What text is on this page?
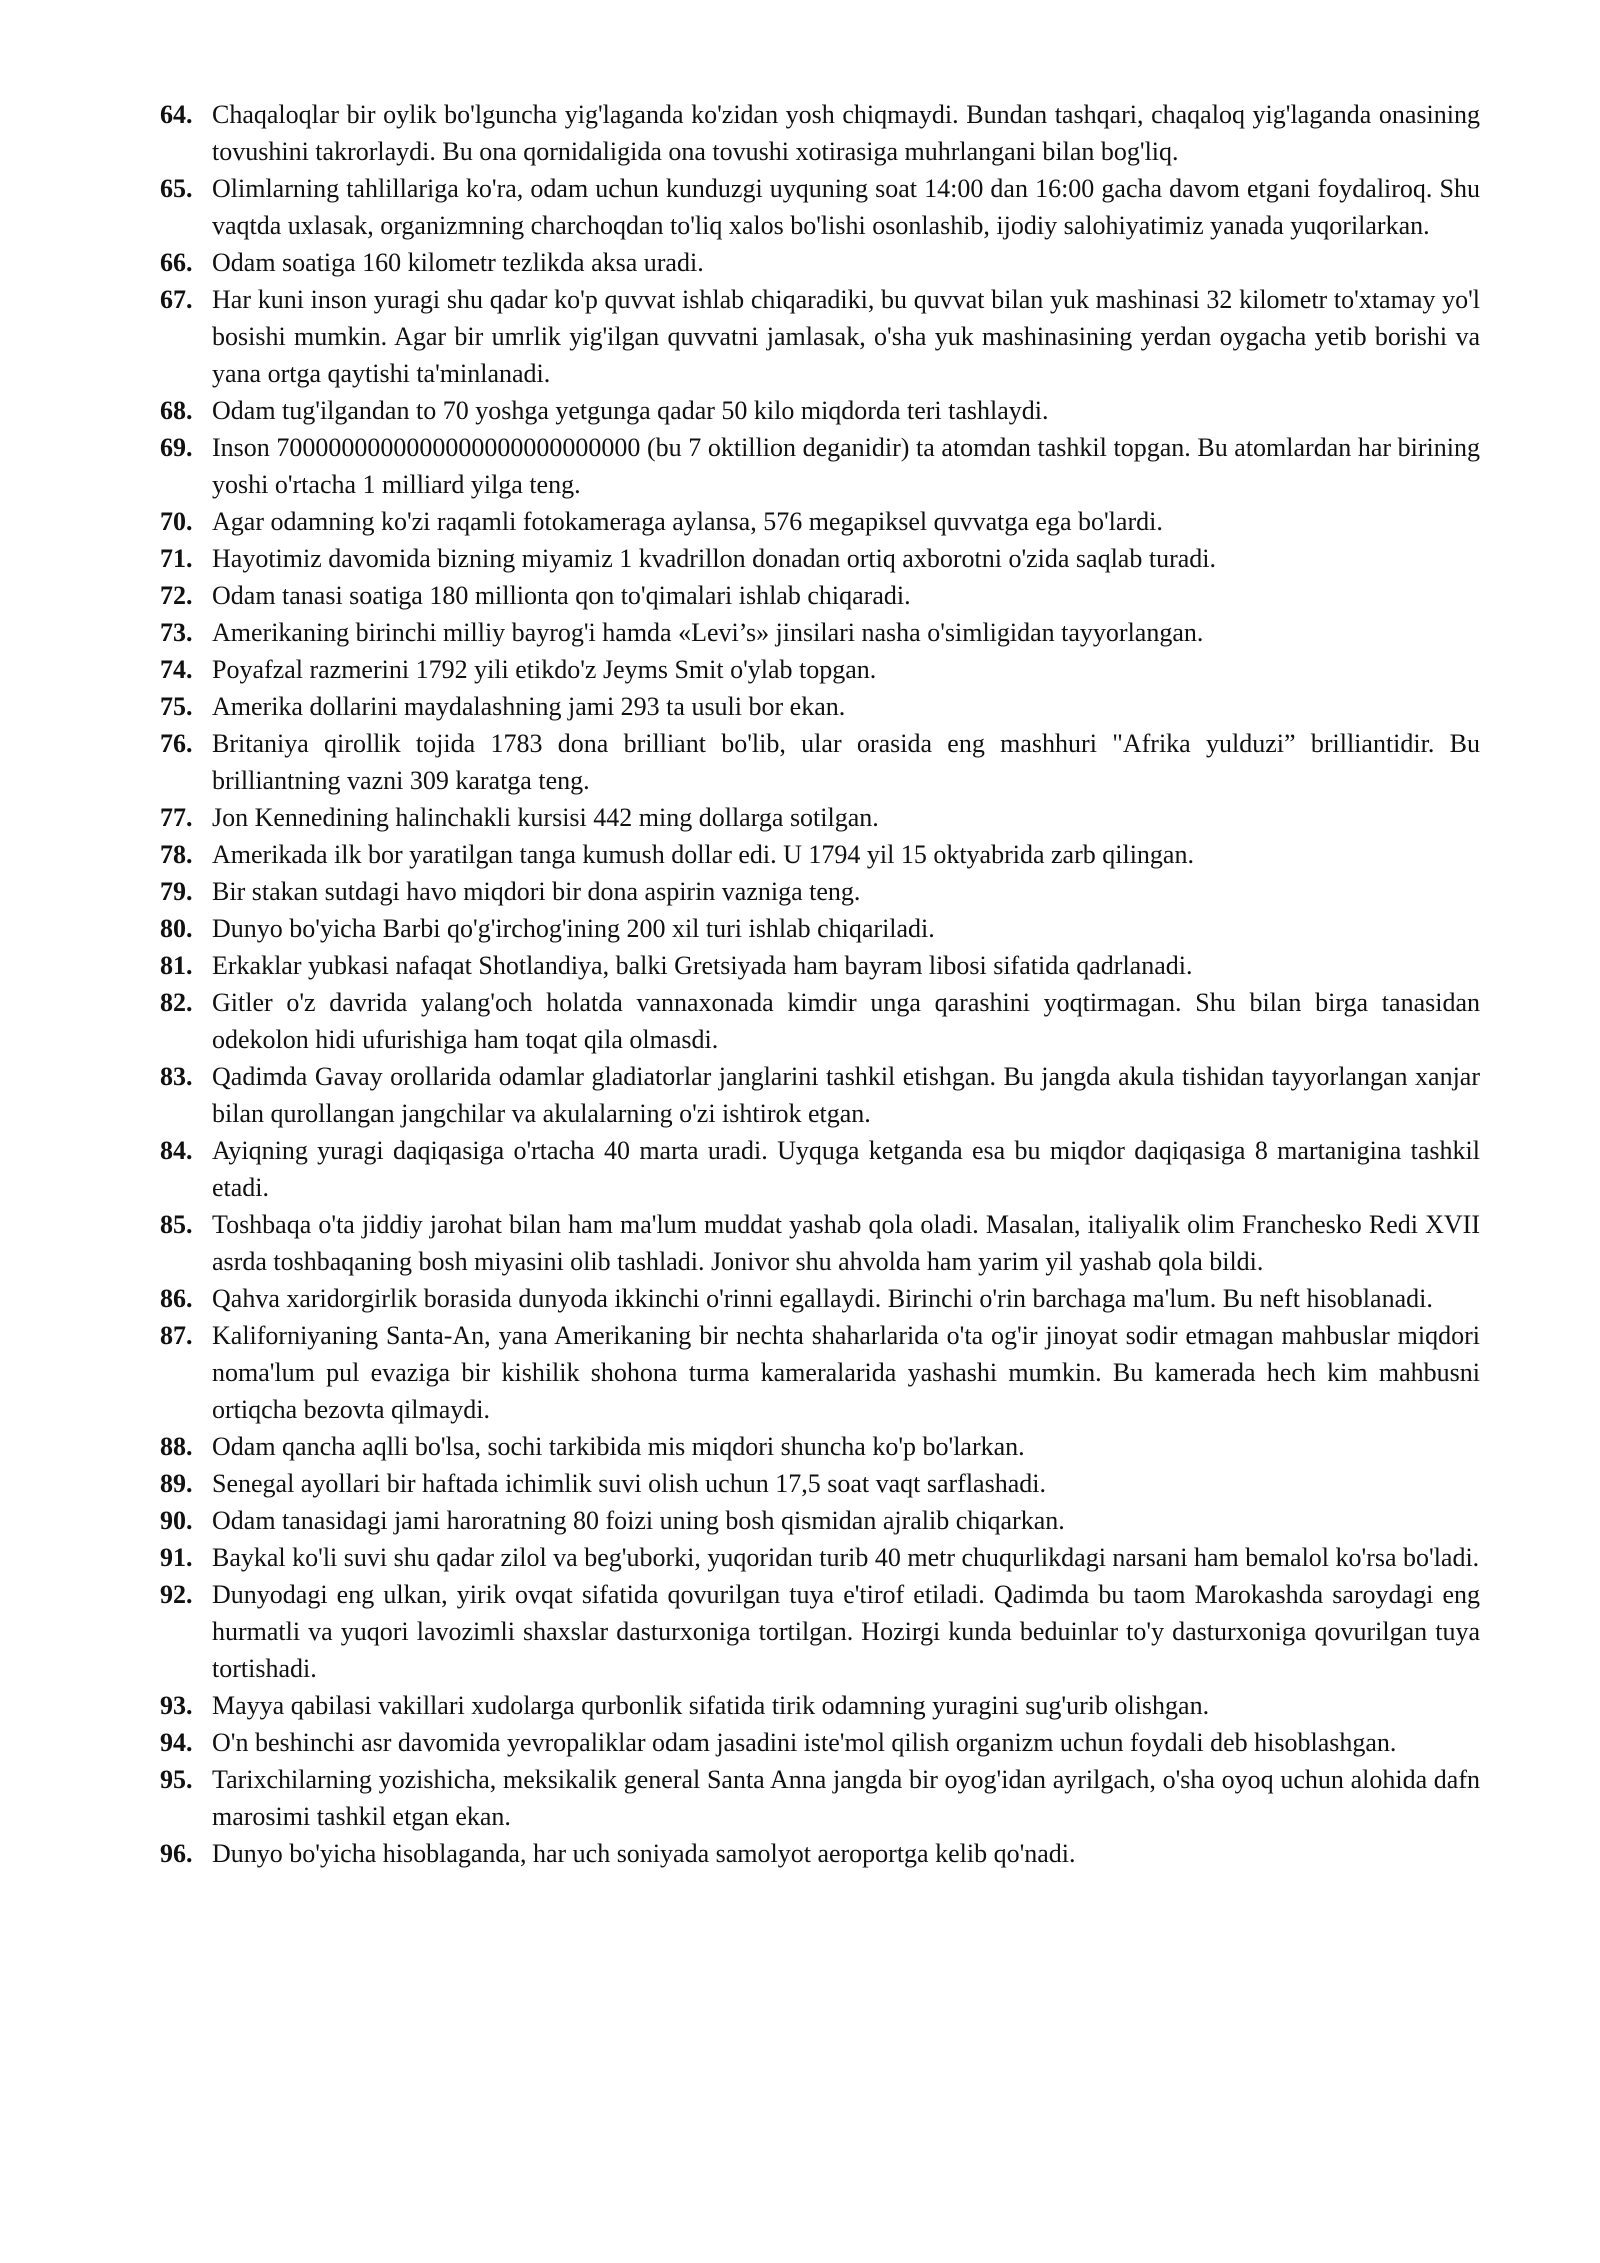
64. Chaqaloqlar bir oylik bo'lguncha yig'laganda ko'zidan yosh chiqmaydi. Bundan tashqari, chaqaloq yig'laganda onasining tovushini takrorlaydi. Bu ona qornidaligida ona tovushi xotirasiga muhrlangani bilan bog'liq.
65. Olimlarning tahlillariga ko'ra, odam uchun kunduzgi uyquning soat 14:00 dan 16:00 gacha davom etgani foydaliroq. Shu vaqtda uxlasak, organizmning charchoqdan to'liq xalos bo'lishi osonlashib, ijodiy salohiyatimiz yanada yuqorilarkan.
66. Odam soatiga 160 kilometr tezlikda aksa uradi.
67. Har kuni inson yuragi shu qadar ko'p quvvat ishlab chiqaradiki, bu quvvat bilan yuk mashinasi 32 kilometr to'xtamay yo'l bosishi mumkin. Agar bir umrlik yig'ilgan quvvatni jamlasak, o'sha yuk mashinasining yerdan oygacha yetib borishi va yana ortga qaytishi ta'minlanadi.
68. Odam tug'ilgandan to 70 yoshga yetgunga qadar 50 kilo miqdorda teri tashlaydi.
69. Inson 7000000000000000000000000000 (bu 7 oktillion deganidir) ta atomdan tashkil topgan. Bu atomlardan har birining yoshi o'rtacha 1 milliard yilga teng.
70. Agar odamning ko'zi raqamli fotokameraga aylansa, 576 megapiksel quvvatga ega bo'lardi.
71. Hayotimiz davomida bizning miyamiz 1 kvadrillon donadan ortiq axborotni o'zida saqlab turadi.
72. Odam tanasi soatiga 180 millionta qon to'qimalari ishlab chiqaradi.
73. Amerikaning birinchi milliy bayrog'i hamda «Levi’s» jinsilari nasha o'simligidan tayyorlangan.
74. Poyafzal razmerini 1792 yili etikdo'z Jeyms Smit o'ylab topgan.
75. Amerika dollarini maydalashning jami 293 ta usuli bor ekan.
76. Britaniya qirollik tojida 1783 dona brilliant bo'lib, ular orasida eng mashhuri "Afrika yulduzi” brilliantidir. Bu brilliantning vazni 309 karatga teng.
77. Jon Kennedining halinchakli kursisi 442 ming dollarga sotilgan.
78. Amerikada ilk bor yaratilgan tanga kumush dollar edi. U 1794 yil 15 oktyabrida zarb qilingan.
79. Bir stakan sutdagi havo miqdori bir dona aspirin vazniga teng.
80. Dunyo bo'yicha Barbi qo'g'irchog'ining 200 xil turi ishlab chiqariladi.
81. Erkaklar yubkasi nafaqat Shotlandiya, balki Gretsiyada ham bayram libosi sifatida qadrlanadi.
82. Gitler o'z davrida yalang'och holatda vannaxonada kimdir unga qarashini yoqtirmagan. Shu bilan birga tanasidan odekolon hidi ufurishiga ham toqat qila olmasdi.
83. Qadimda Gavay orollarida odamlar gladiatorlar janglarini tashkil etishgan. Bu jangda akula tishidan tayyorlangan xanjar bilan qurollangan jangchilar va akulalarning o'zi ishtirok etgan.
84. Ayiqning yuragi daqiqasiga o'rtacha 40 marta uradi. Uyquga ketganda esa bu miqdor daqiqasiga 8 martanigina tashkil etadi.
85. Toshbaqa o'ta jiddiy jarohat bilan ham ma'lum muddat yashab qola oladi. Masalan, italiyalik olim Franchesko Redi XVII asrda toshbaqaning bosh miyasini olib tashladi. Jonivor shu ahvolda ham yarim yil yashab qola bildi.
86. Qahva xaridorgirlik borasida dunyoda ikkinchi o'rinni egallaydi. Birinchi o'rin barchaga ma'lum. Bu neft hisoblanadi.
87. Kaliforniyaning Santa-An, yana Amerikaning bir nechta shaharlarida o'ta og'ir jinoyat sodir etmagan mahbuslar miqdori noma'lum pul evaziga bir kishilik shohona turma kameralarida yashashi mumkin. Bu kamerada hech kim mahbusni ortiqcha bezovta qilmaydi.
88. Odam qancha aqlli bo'lsa, sochi tarkibida mis miqdori shuncha ko'p bo'larkan.
89. Senegal ayollari bir haftada ichimlik suvi olish uchun 17,5 soat vaqt sarflashadi.
90. Odam tanasidagi jami haroratning 80 foizi uning bosh qismidan ajralib chiqarkan.
91. Baykal ko'li suvi shu qadar zilol va beg'uborki, yuqoridan turib 40 metr chuqurlikdagi narsani ham bemalol ko'rsa bo'ladi.
92. Dunyodagi eng ulkan, yirik ovqat sifatida qovurilgan tuya e'tirof etiladi. Qadimda bu taom Marokashda saroydagi eng hurmatli va yuqori lavozimli shaxslar dasturxoniga tortilgan. Hozirgi kunda beduinlar to'y dasturxoniga qovurilgan tuya tortishadi.
93. Mayya qabilasi vakillari xudolarga qurbonlik sifatida tirik odamning yuragini sug'urib olishgan.
94. O'n beshinchi asr davomida yevropaliklar odam jasadini iste'mol qilish organizm uchun foydali deb hisoblashgan.
95. Tarixchilarning yozishicha, meksikalik general Santa Anna jangda bir oyog'idan ayrilgach, o'sha oyoq uchun alohida dafn marosimi tashkil etgan ekan.
96. Dunyo bo'yicha hisoblaganda, har uch soniyada samolyot aeroportga kelib qo'nadi.
